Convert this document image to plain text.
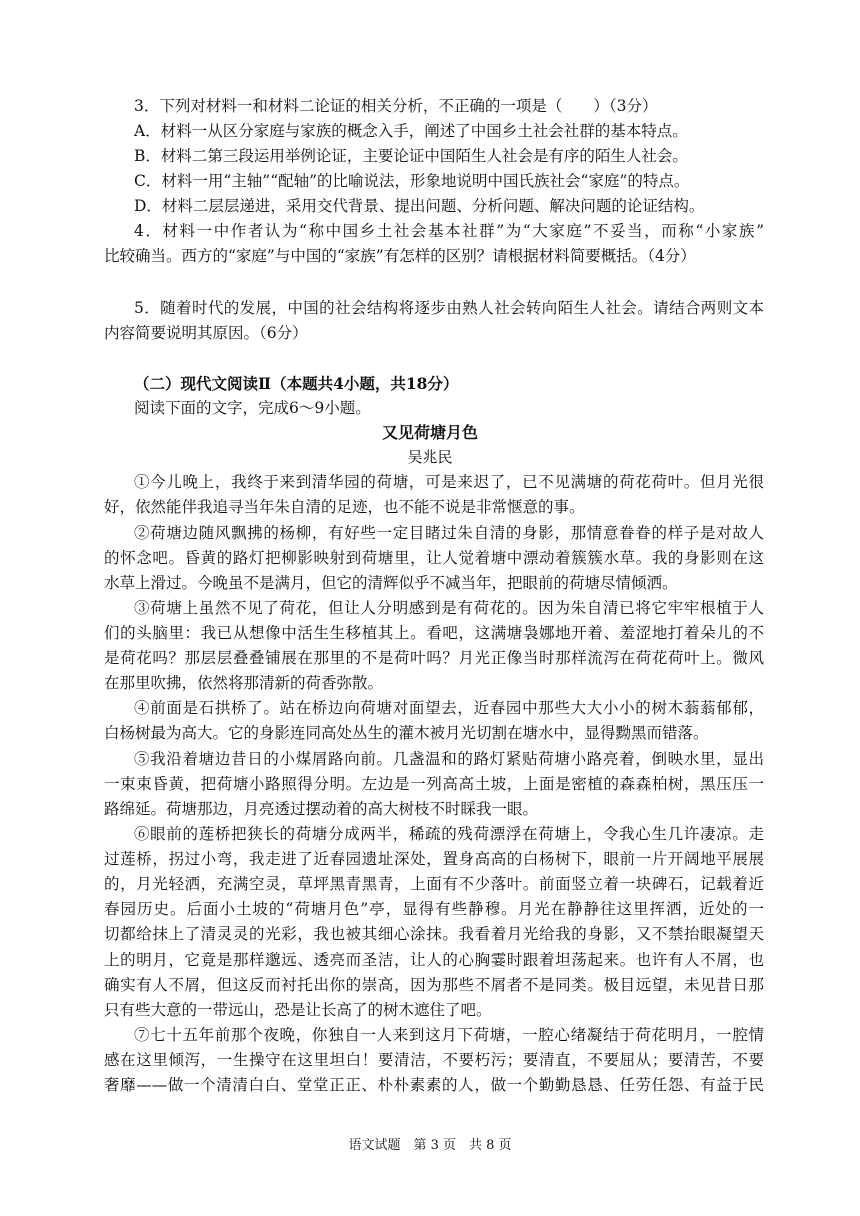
3．下列对材料一和材料二论证的相关分析，不正确的一项是（　　）（3分）
A．材料一从区分家庭与家族的概念入手，阐述了中国乡土社会社群的基本特点。
B．材料二第三段运用举例论证，主要论证中国陌生人社会是有序的陌生人社会。
C．材料一用“主轴”“配轴”的比喻说法，形象地说明中国氏族社会“家庭”的特点。
D．材料二层层递进，采用交代背景、提出问题、分析问题、解决问题的论证结构。
4．材料一中作者认为“称中国乡土社会基本社群”为“大家庭”不妥当，而称“小家族”
比较确当。西方的“家庭”与中国的“家族”有怎样的区别？请根据材料简要概括。（4分）
5．随着时代的发展，中国的社会结构将逐步由熟人社会转向陌生人社会。请结合两则文本
内容简要说明其原因。（6分）
（二）现代文阅读Ⅱ（本题共4小题，共18分）
阅读下面的文字，完成6～9小题。
又见荷塘月色
吴兆民
①今儿晚上，我终于来到清华园的荷塘，可是来迟了，已不见满塘的荷花荷叶。但月光很
好，依然能伴我追寻当年朱自清的足迹，也不能不说是非常惬意的事。
②荷塘边随风飘拂的杨柳，有好些一定目睹过朱自清的身影，那情意眷眷的样子是对故人
的怀念吧。昏黄的路灯把柳影映射到荷塘里，让人觉着塘中漂动着簇簇水草。我的身影则在这
水草上滑过。今晚虽不是满月，但它的清辉似乎不减当年，把眼前的荷塘尽情倾洒。
③荷塘上虽然不见了荷花，但让人分明感到是有荷花的。因为朱自清已将它牢牢根植于人
们的头脑里：我已从想像中活生生移植其上。看吧，这满塘袅娜地开着、羞涩地打着朵儿的不
是荷花吗？那层层叠叠铺展在那里的不是荷叶吗？月光正像当时那样流泻在荷花荷叶上。微风
在那里吹拂，依然将那清新的荷香弥散。
④前面是石拱桥了。站在桥边向荷塘对面望去，近春园中那些大大小小的树木蓊蓊郁郁，
白杨树最为高大。它的身影连同高处丛生的灌木被月光切割在塘水中，显得黝黑而错落。
⑤我沿着塘边昔日的小煤屑路向前。几盏温和的路灯紧贴荷塘小路亮着，倒映水里，显出
一束束昏黄，把荷塘小路照得分明。左边是一列高高土坡，上面是密植的森森柏树，黑压压一
路绵延。荷塘那边，月亮透过摆动着的高大树枝不时睬我一眼。
⑥眼前的莲桥把狭长的荷塘分成两半，稀疏的残荷漂浮在荷塘上，令我心生几许凄凉。走
过莲桥，拐过小弯，我走进了近春园遗址深处，置身高高的白杨树下，眼前一片开阔地平展展
的，月光轻洒，充满空灵，草坪黑青黑青，上面有不少落叶。前面竖立着一块碑石，记载着近
春园历史。后面小土坡的“荷塘月色”亭，显得有些静穆。月光在静静往这里挥洒，近处的一
切都给抹上了清灵灵的光彩，我也被其细心涂抹。我看着月光给我的身影，又不禁抬眼凝望天
上的明月，它竟是那样邈远、透亮而圣洁，让人的心胸霎时跟着坦荡起来。也许有人不屑，也
确实有人不屑，但这反而衬托出你的崇高，因为那些不屑者不是同类。极目远望，未见昔日那
只有些大意的一带远山，恐是让长高了的树木遮住了吧。
⑦七十五年前那个夜晚，你独自一人来到这月下荷塘，一腔心绪凝结于荷花明月，一腔情
感在这里倾泻，一生操守在这里坦白！要清洁，不要朽污；要清直，不要屈从；要清苦，不要
奢靡——做一个清清白白、堂堂正正、朴朴素素的人，做一个勤勤恳恳、任劳任怨、有益于民
语文试题　第 3 页　共 8 页
